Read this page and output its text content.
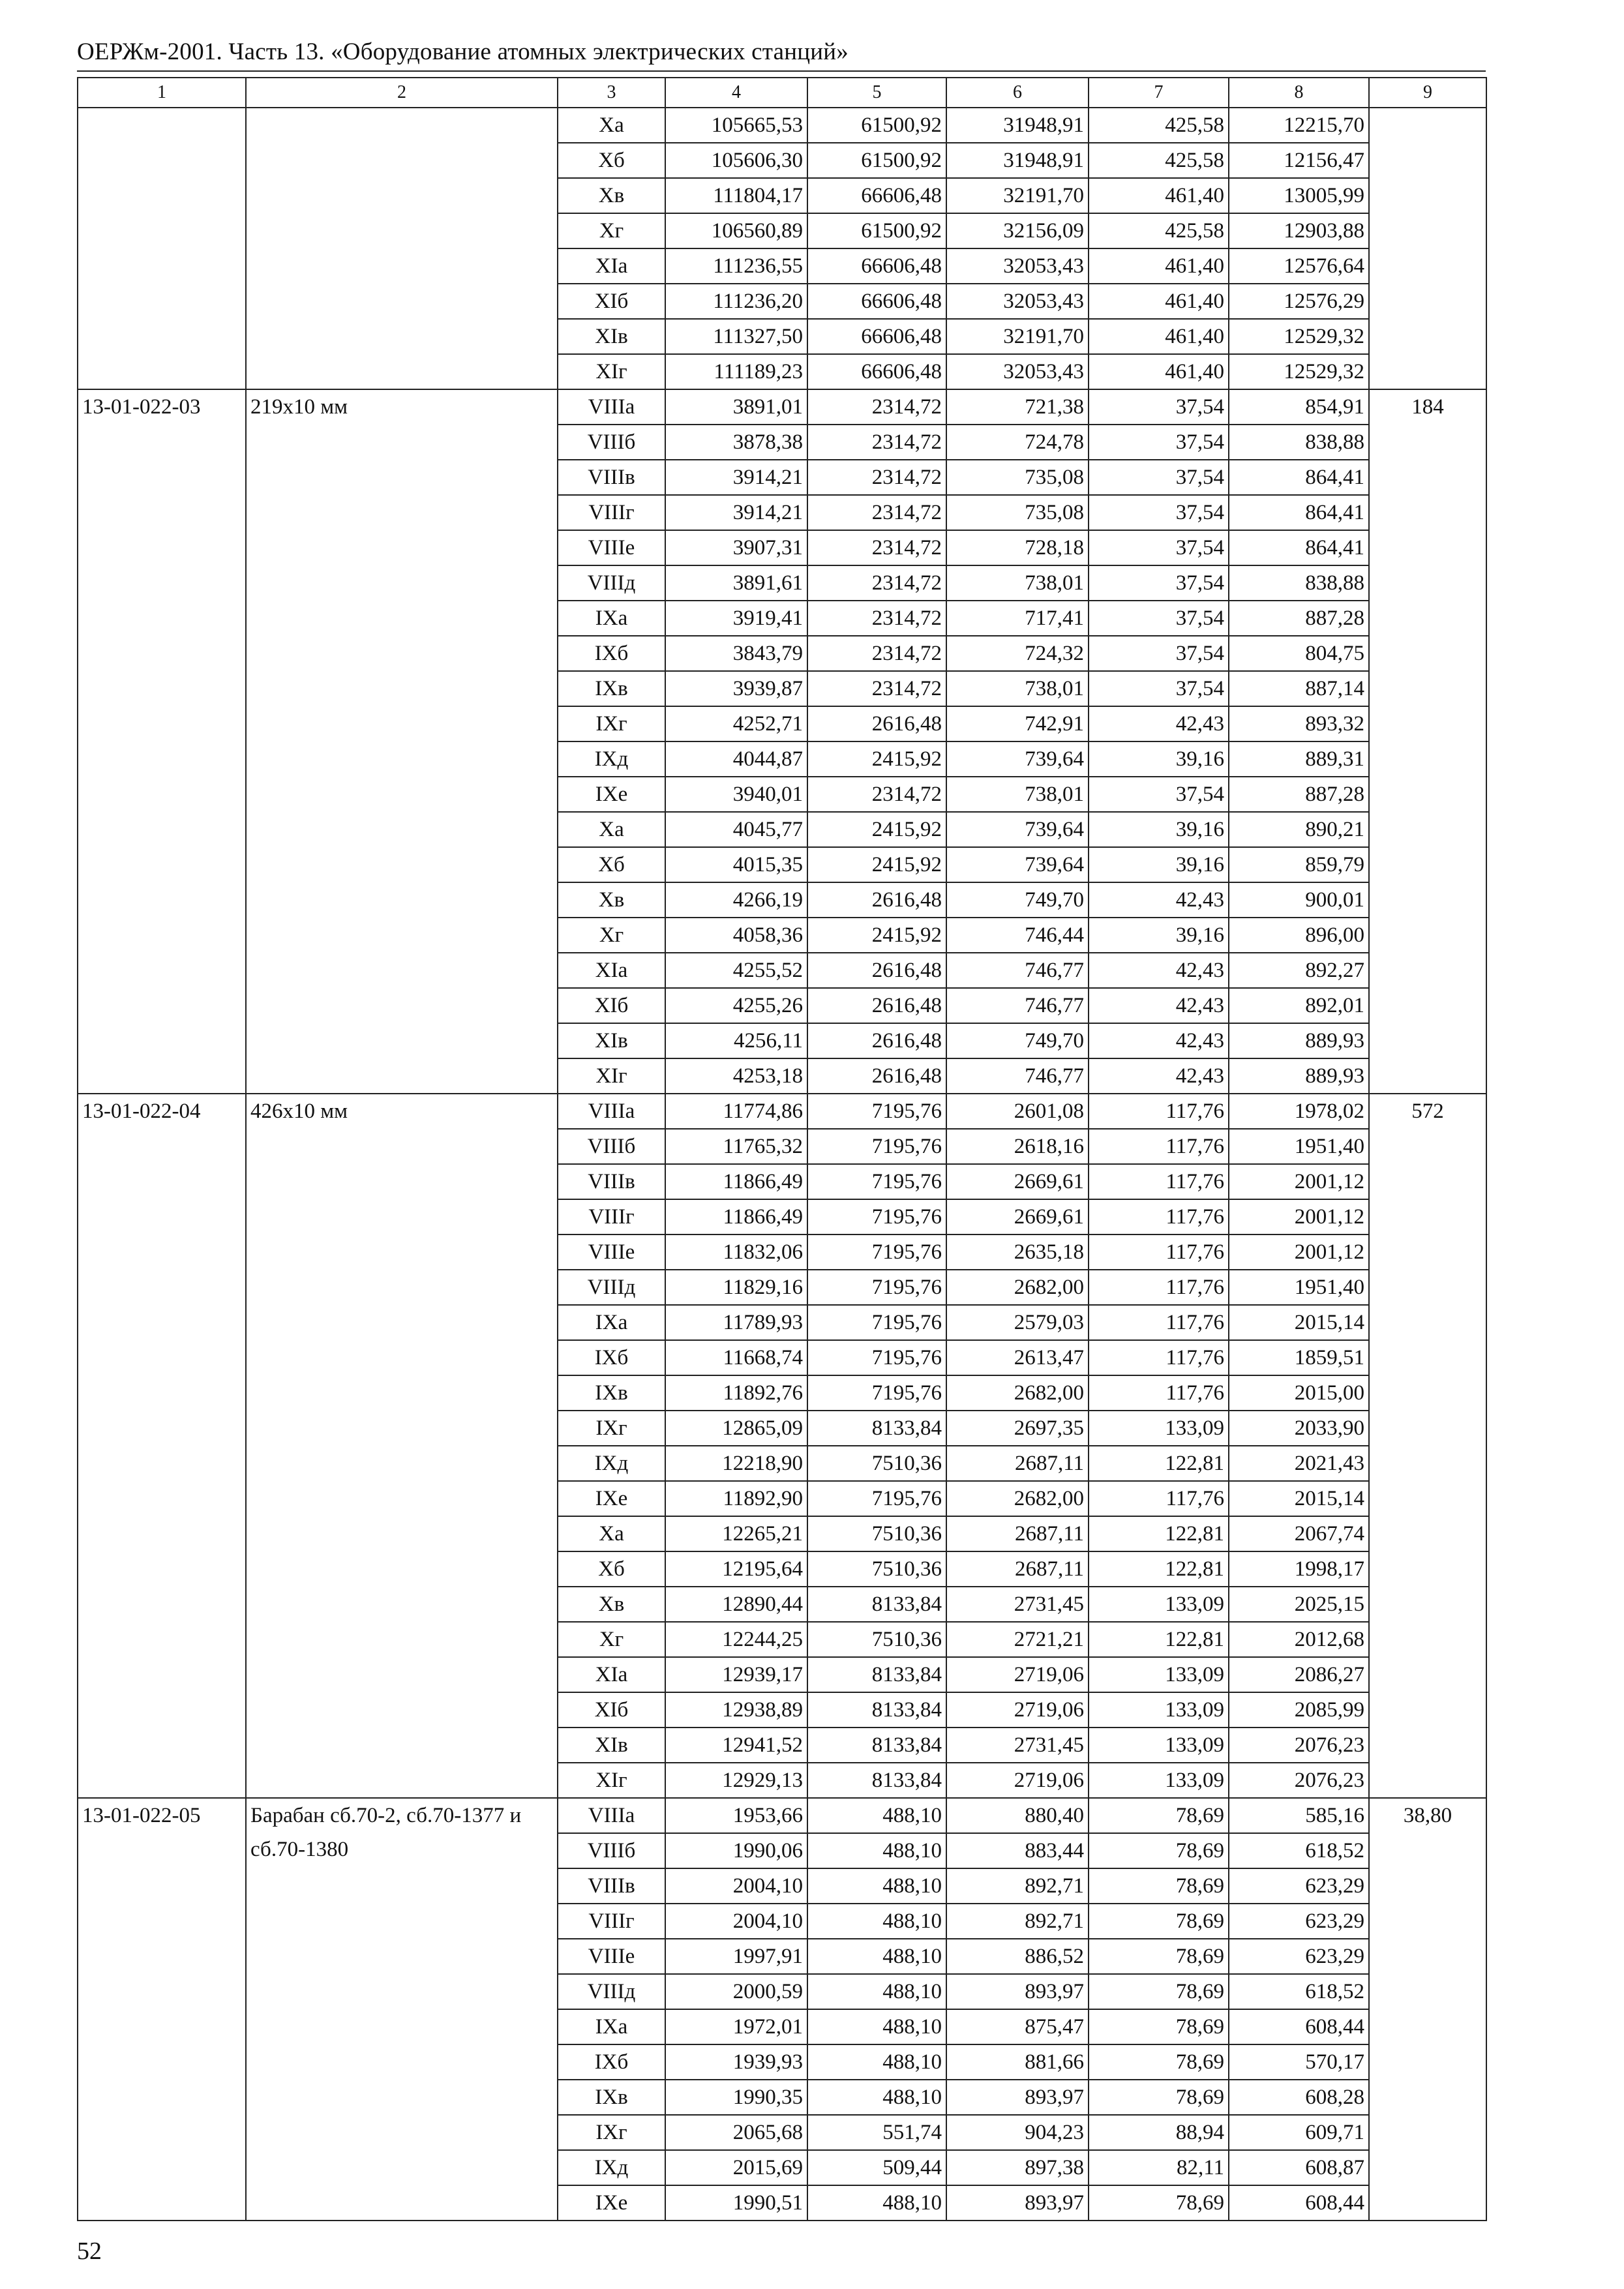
ОЕРЖм-2001. Часть 13. «Оборудование атомных электрических станций»
1	2	3	4	5	6	7	8	9
		Xа	105665,53	61500,92	31948,91	425,58	12215,70	
		Xб	105606,30	61500,92	31948,91	425,58	12156,47	
		Xв	111804,17	66606,48	32191,70	461,40	13005,99	
		Xг	106560,89	61500,92	32156,09	425,58	12903,88	
		XIа	111236,55	66606,48	32053,43	461,40	12576,64	
		XIб	111236,20	66606,48	32053,43	461,40	12576,29	
		XIв	111327,50	66606,48	32191,70	461,40	12529,32	
		XIг	111189,23	66606,48	32053,43	461,40	12529,32	
13-01-022-03	219х10 мм	VIIIа	3891,01	2314,72	721,38	37,54	854,91	184
		VIIIб	3878,38	2314,72	724,78	37,54	838,88	
		VIIIв	3914,21	2314,72	735,08	37,54	864,41	
		VIIIг	3914,21	2314,72	735,08	37,54	864,41	
		VIIIе	3907,31	2314,72	728,18	37,54	864,41	
		VIIIд	3891,61	2314,72	738,01	37,54	838,88	
		IXа	3919,41	2314,72	717,41	37,54	887,28	
		IXб	3843,79	2314,72	724,32	37,54	804,75	
		IXв	3939,87	2314,72	738,01	37,54	887,14	
		IXг	4252,71	2616,48	742,91	42,43	893,32	
		IXд	4044,87	2415,92	739,64	39,16	889,31	
		IXе	3940,01	2314,72	738,01	37,54	887,28	
		Xа	4045,77	2415,92	739,64	39,16	890,21	
		Xб	4015,35	2415,92	739,64	39,16	859,79	
		Xв	4266,19	2616,48	749,70	42,43	900,01	
		Xг	4058,36	2415,92	746,44	39,16	896,00	
		XIа	4255,52	2616,48	746,77	42,43	892,27	
		XIб	4255,26	2616,48	746,77	42,43	892,01	
		XIв	4256,11	2616,48	749,70	42,43	889,93	
		XIг	4253,18	2616,48	746,77	42,43	889,93	
13-01-022-04	426х10 мм	VIIIа	11774,86	7195,76	2601,08	117,76	1978,02	572
		VIIIб	11765,32	7195,76	2618,16	117,76	1951,40	
		VIIIв	11866,49	7195,76	2669,61	117,76	2001,12	
		VIIIг	11866,49	7195,76	2669,61	117,76	2001,12	
		VIIIе	11832,06	7195,76	2635,18	117,76	2001,12	
		VIIIд	11829,16	7195,76	2682,00	117,76	1951,40	
		IXа	11789,93	7195,76	2579,03	117,76	2015,14	
		IXб	11668,74	7195,76	2613,47	117,76	1859,51	
		IXв	11892,76	7195,76	2682,00	117,76	2015,00	
		IXг	12865,09	8133,84	2697,35	133,09	2033,90	
		IXд	12218,90	7510,36	2687,11	122,81	2021,43	
		IXе	11892,90	7195,76	2682,00	117,76	2015,14	
		Xа	12265,21	7510,36	2687,11	122,81	2067,74	
		Xб	12195,64	7510,36	2687,11	122,81	1998,17	
		Xв	12890,44	8133,84	2731,45	133,09	2025,15	
		Xг	12244,25	7510,36	2721,21	122,81	2012,68	
		XIа	12939,17	8133,84	2719,06	133,09	2086,27	
		XIб	12938,89	8133,84	2719,06	133,09	2085,99	
		XIв	12941,52	8133,84	2731,45	133,09	2076,23	
		XIг	12929,13	8133,84	2719,06	133,09	2076,23	
13-01-022-05	Барабан сб.70-2, сб.70-1377 и сб.70-1380	VIIIа	1953,66	488,10	880,40	78,69	585,16	38,80
		VIIIб	1990,06	488,10	883,44	78,69	618,52	
		VIIIв	2004,10	488,10	892,71	78,69	623,29	
		VIIIг	2004,10	488,10	892,71	78,69	623,29	
		VIIIе	1997,91	488,10	886,52	78,69	623,29	
		VIIIд	2000,59	488,10	893,97	78,69	618,52	
		IXа	1972,01	488,10	875,47	78,69	608,44	
		IXб	1939,93	488,10	881,66	78,69	570,17	
		IXв	1990,35	488,10	893,97	78,69	608,28	
		IXг	2065,68	551,74	904,23	88,94	609,71	
		IXд	2015,69	509,44	897,38	82,11	608,87	
		IXе	1990,51	488,10	893,97	78,69	608,44	
52
